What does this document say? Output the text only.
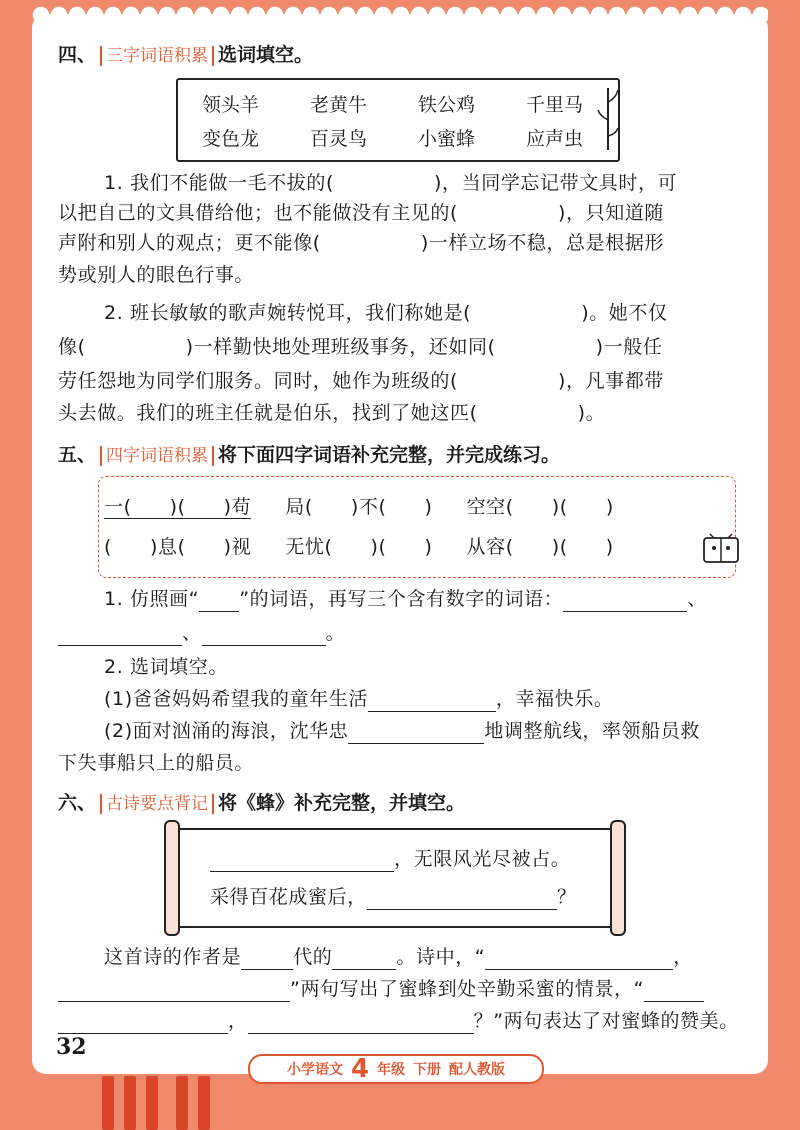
四、 三字词语积累 选词填空。
领头羊	老黄牛	铁公鸡	千里马
变色龙	百灵鸟	小蜜蜂	应声虫
1. 我们不能做一毛不拔的(	)，当同学忘记带文具时，可
以把自己的文具借给他；也不能做没有主见的(	)，只知道随
声附和别人的观点；更不能像(	)一样立场不稳，总是根据形
势或别人的眼色行事。
2. 班长敏敏的歌声婉转悦耳，我们称她是(	)。她不仅
像(	)一样勤快地处理班级事务，还如同(	)一般任
劳任怨地为同学们服务。同时，她作为班级的(	)，凡事都带
头去做。我们的班主任就是伯乐，找到了她这匹(	)。
五、 四字词语积累 将下面四字词语补充完整，并完成练习。
一( )( )苟 局( )不( ) 空空( )( )
( )息( )视 无忧( )( ) 从容( )( )
1. 仿照画“ ”的词语，再写三个含有数字的词语：	、
、	。
2. 选词填空。
(1)爸爸妈妈希望我的童年生活	，幸福快乐。
(2)面对汹涌的海浪，沈华忠	地调整航线，率领船员救
下失事船只上的船员。
六、 古诗要点背记 将《蜂》补充完整，并填空。
，无限风光尽被占。
采得百花成蜜后，	？
这首诗的作者是	代的	。诗中，“	，
”两句写出了蜜蜂到处辛勤采蜜的情景，“
，	？”两句表达了对蜜蜂的赞美。
32
小学语文 4 年级 下册 配人教版
